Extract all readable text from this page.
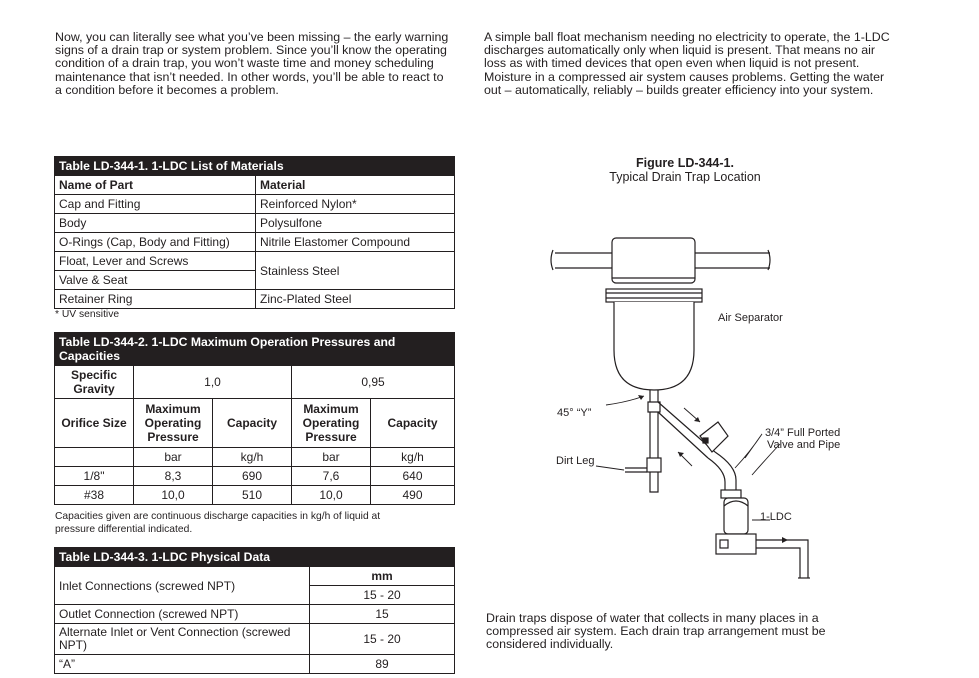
Now, you can literally see what you’ve been missing – the early warning signs of a drain trap or system problem. Since you’ll know the operating condition of a drain trap, you won’t waste time and money scheduling maintenance that isn’t needed. In other words, you’ll be able to react to a condition before it becomes a problem.

A simple ball float mechanism needing no electricity to operate, the 1-LDC discharges automatically only when liquid is present. That means no air loss as with timed devices that open even when liquid is not present. Moisture in a compressed air system causes problems. Getting the water out – automatically, reliably – builds greater efficiency into your system.

Table LD-344-1. 1-LDC List of Materials	
Name of Part	Material
Cap and Fitting	Reinforced Nylon*
Body	Polysulfone
O-Rings (Cap, Body and Fitting)	Nitrile Elastomer Compound
Float, Lever and Screws	Stainless Steel
Valve & Seat	
Retainer Ring	Zinc-Plated Steel

* UV sensitive

Table LD-344-2. 1-LDC Maximum Operation Pressures and Capacities				
Specific Gravity	1,0		0,95	
Orifice Size	Maximum Operating Pressure	Capacity	Maximum Operating Pressure	Capacity
	bar	kg/h	bar	kg/h
1/8"	8,3	690	7,6	640
#38	10,0	510	10,0	490

Capacities given are continuous discharge capacities in kg/h of liquid at pressure differential indicated.

Table LD-344-3. 1-LDC Physical Data	
Inlet Connections (screwed NPT)	mm
	15 - 20
Outlet Connection (screwed NPT)	15
Alternate Inlet or Vent Connection (screwed NPT)	15 - 20
“A”	89
Figure LD-344-1.
Typical Drain Trap Location
Air Separator
45° “Y”
3/4” Full Ported
Valve and Pipe
Dirt Leg
1-LDC

Drain traps dispose of water that collects in many places in a compressed air system. Each drain trap arrangement must be considered individually.
